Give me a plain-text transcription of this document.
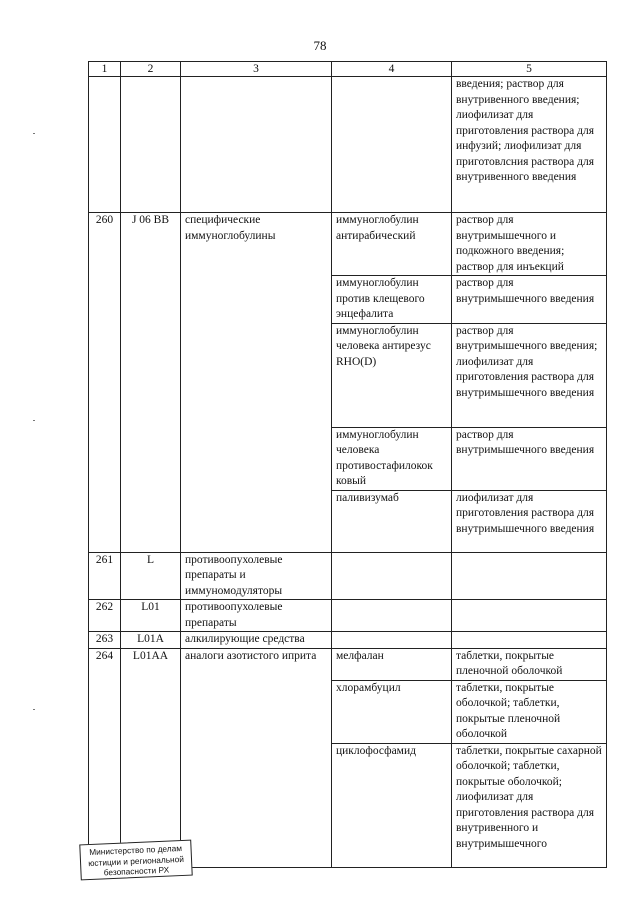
78
1	2	3	4	5
				введения; раствор для внутривенного введения; лиофилизат для приготовления раствора для инфузий; лиофилизат для приготовлсния раствора для внутривенного введения
260	J 06 BB	специфические иммуноглобулины	иммуноглобулин антирабический	раствор для внутримышечного и подкожного введения; раствор для инъекций
			иммуноглобулин против клещевого энцефалита	раствор для внутримышечного введения
			иммуноглобулин человека антирезус RHO(D)	раствор для внутримышечного введения; лиофилизат для приготовления раствора для внутримышечного введения
			иммуноглобулин человека противостафилокок ковый	раствор для внутримышечного введения
			паливизумаб	лиофилизат для приготовления раствора для внутримышечного введения
261	L	противоопухолевые препараты и иммуномодуляторы		
262	L01	противоопухолевые препараты		
263	L01A	алкилирующие средства		
264	L01AA	аналоги азотистого иприта	мелфалан	таблетки, покрытые пленочной оболочкой
			хлорамбуцил	таблетки, покрытые оболочкой; таблетки, покрытые пленочной оболочкой
			циклофосфамид	таблетки, покрытые сахарной оболочкой; таблетки, покрытые оболочкой; лиофилизат для приготовления раствора для внутривенного и внутримышечного
Министерство по делам
юстиции и региональной
безопасности РХ
